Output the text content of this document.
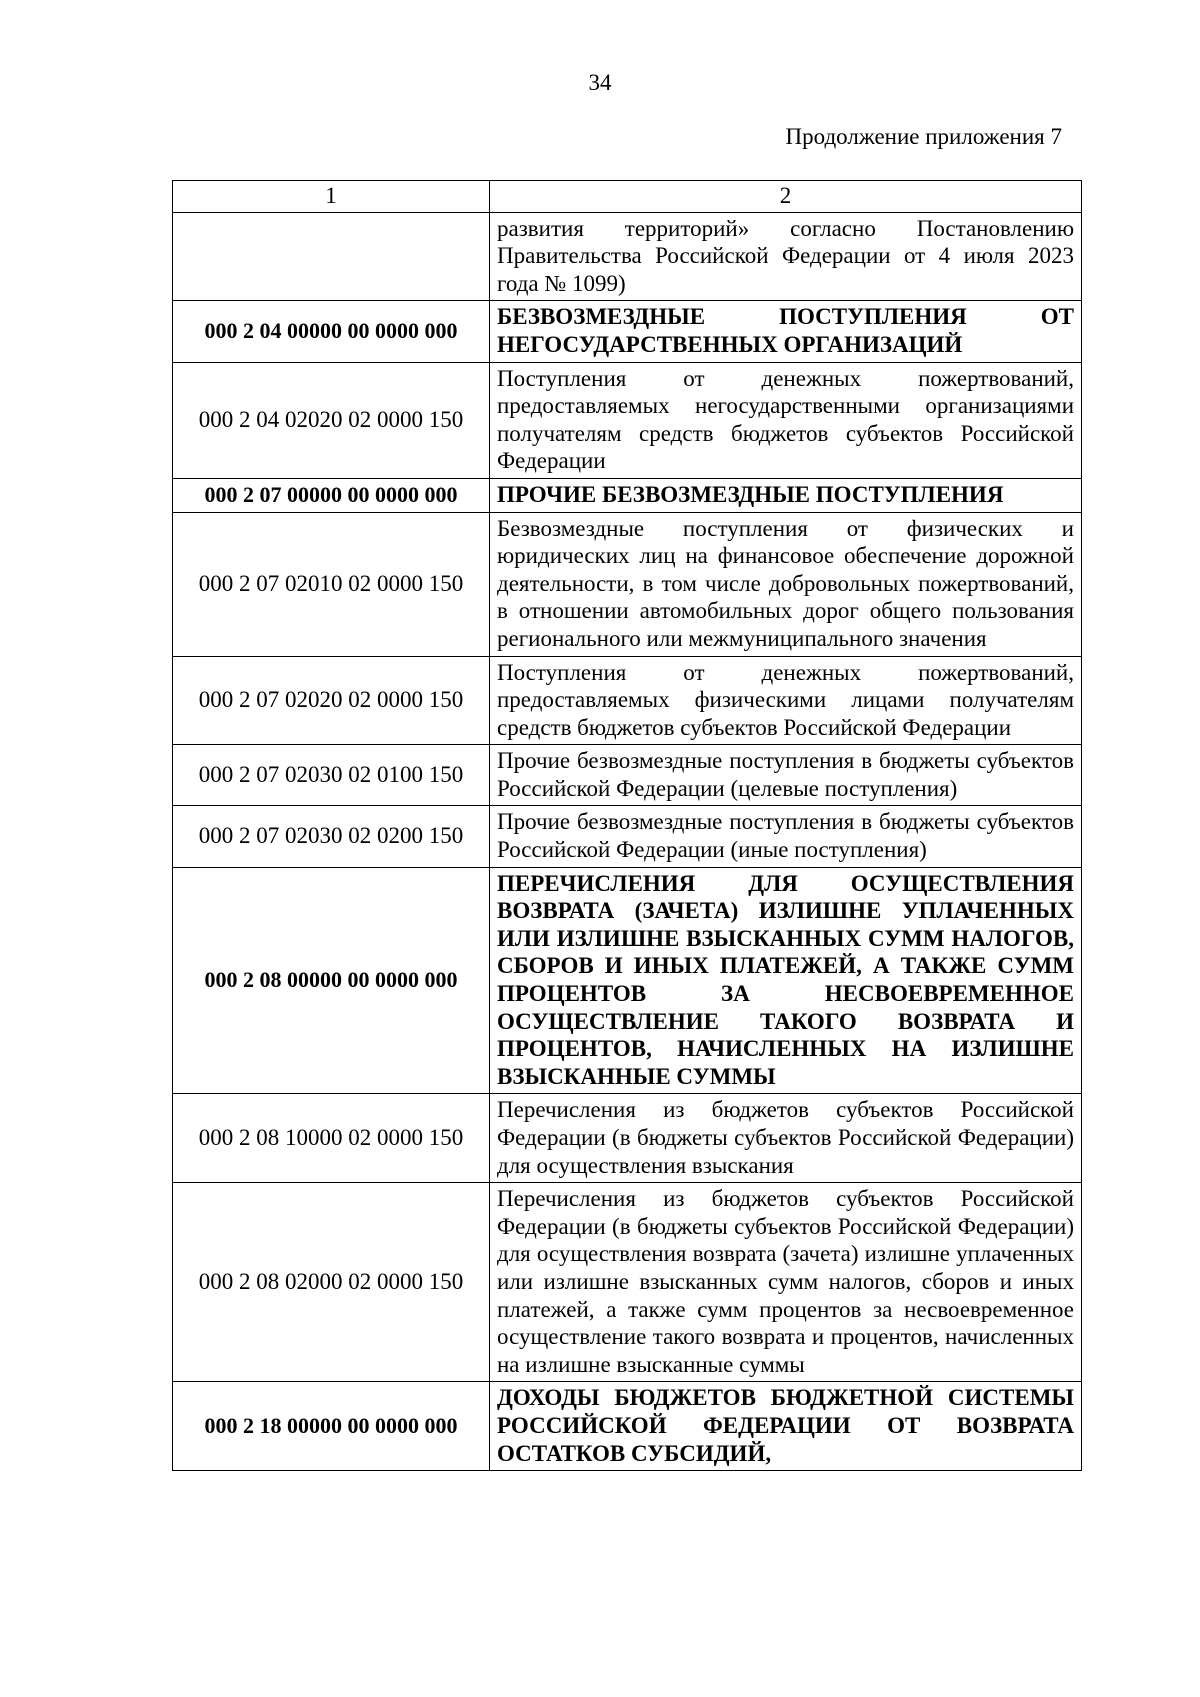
34
Продолжение приложения 7
1	2
	развития территорий» согласно Постановлению Правительства Российской Федерации от 4 июля 2023 года № 1099)
000 2 04 00000 00 0000 000	БЕЗВОЗМЕЗДНЫЕ ПОСТУПЛЕНИЯ ОТ НЕГОСУДАРСТВЕННЫХ ОРГАНИЗАЦИЙ
000 2 04 02020 02 0000 150	Поступления от денежных пожертвований, предоставляемых негосударственными организациями получателям средств бюджетов субъектов Российской Федерации
000 2 07 00000 00 0000 000	ПРОЧИЕ БЕЗВОЗМЕЗДНЫЕ ПОСТУПЛЕНИЯ
000 2 07 02010 02 0000 150	Безвозмездные поступления от физических и юридических лиц на финансовое обеспечение дорожной деятельности, в том числе добровольных пожертвований, в отношении автомобильных дорог общего пользования регионального или межмуниципального значения
000 2 07 02020 02 0000 150	Поступления от денежных пожертвований, предоставляемых физическими лицами получателям средств бюджетов субъектов Российской Федерации
000 2 07 02030 02 0100 150	Прочие безвозмездные поступления в бюджеты субъектов Российской Федерации (целевые поступления)
000 2 07 02030 02 0200 150	Прочие безвозмездные поступления в бюджеты субъектов Российской Федерации (иные поступления)
000 2 08 00000 00 0000 000	ПЕРЕЧИСЛЕНИЯ ДЛЯ ОСУЩЕСТВЛЕНИЯ ВОЗВРАТА (ЗАЧЕТА) ИЗЛИШНЕ УПЛАЧЕННЫХ ИЛИ ИЗЛИШНЕ ВЗЫСКАННЫХ СУММ НАЛОГОВ, СБОРОВ И ИНЫХ ПЛАТЕЖЕЙ, А ТАКЖЕ СУММ ПРОЦЕНТОВ ЗА НЕСВОЕВРЕМЕННОЕ ОСУЩЕСТВЛЕНИЕ ТАКОГО ВОЗВРАТА И ПРОЦЕНТОВ, НАЧИСЛЕННЫХ НА ИЗЛИШНЕ ВЗЫСКАННЫЕ СУММЫ
000 2 08 10000 02 0000 150	Перечисления из бюджетов субъектов Российской Федерации (в бюджеты субъектов Российской Федерации) для осуществления взыскания
000 2 08 02000 02 0000 150	Перечисления из бюджетов субъектов Российской Федерации (в бюджеты субъектов Российской Федерации) для осуществления возврата (зачета) излишне уплаченных или излишне взысканных сумм налогов, сборов и иных платежей, а также сумм процентов за несвоевременное осуществление такого возврата и процентов, начисленных на излишне взысканные суммы
000 2 18 00000 00 0000 000	ДОХОДЫ БЮДЖЕТОВ БЮДЖЕТНОЙ СИСТЕМЫ РОССИЙСКОЙ ФЕДЕРАЦИИ ОТ ВОЗВРАТА ОСТАТКОВ СУБСИДИЙ,
